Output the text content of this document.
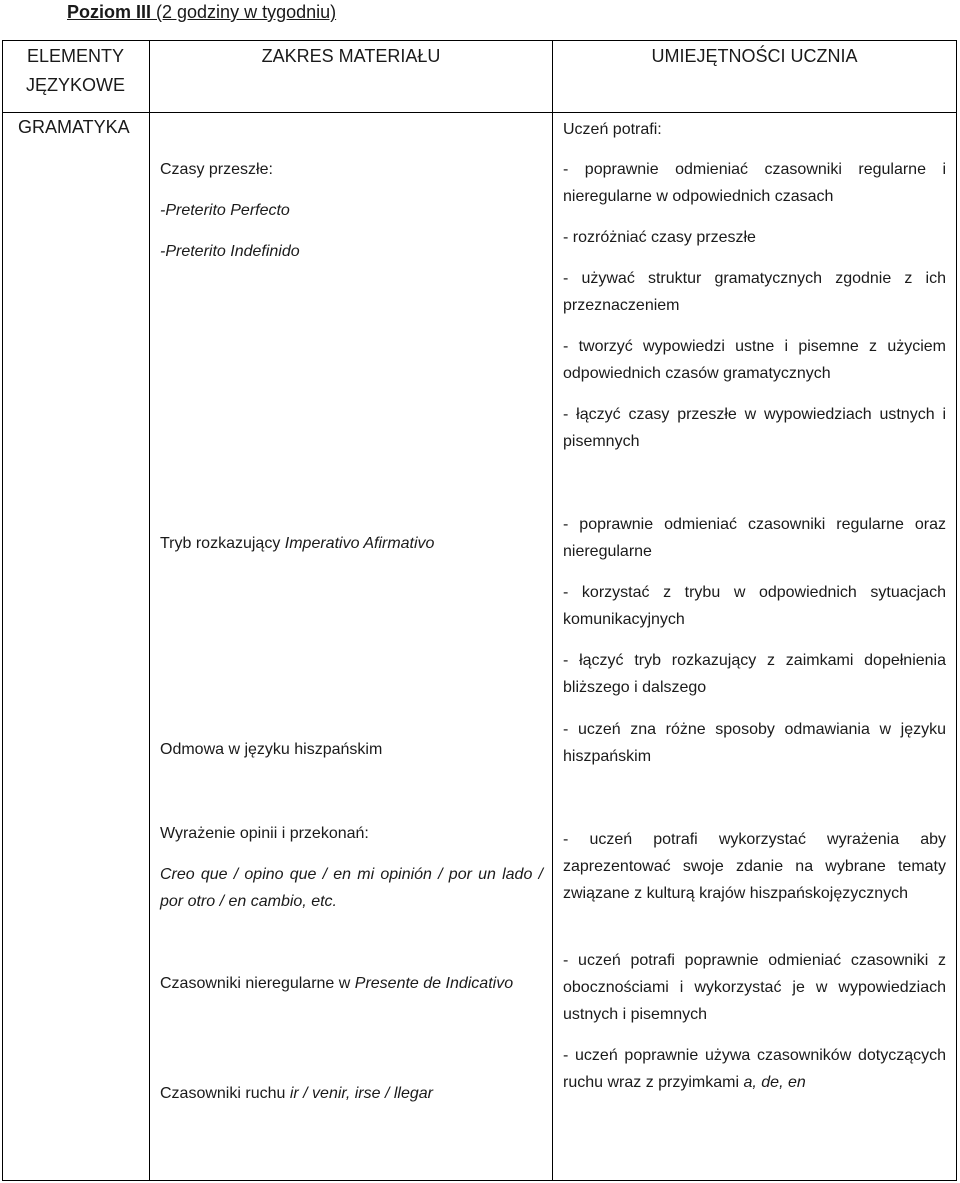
Poziom III (2 godziny w tygodniu)
ELEMENTY
JĘZYKOWE
ZAKRES MATERIAŁU	UMIEJĘTNOŚCI UCZNIA
GRAMATYKA
Czasy przeszłe:
-Preterito Perfecto
-Preterito Indefinido
Tryb rozkazujący Imperativo Afirmativo
Odmowa w języku hiszpańskim
Wyrażenie opinii i przekonań:
Creo que / opino que / en mi opinión / por un lado / por otro / en cambio, etc.
Czasowniki nieregularne w Presente de Indicativo
Czasowniki ruchu ir / venir, irse / llegar
Uczeń potrafi:
- poprawnie odmieniać czasowniki regularne i nieregularne w odpowiednich czasach
- rozróżniać czasy przeszłe
- używać struktur gramatycznych zgodnie z ich przeznaczeniem
- tworzyć wypowiedzi ustne i pisemne z użyciem odpowiednich czasów gramatycznych
- łączyć czasy przeszłe w wypowiedziach ustnych i pisemnych
- poprawnie odmieniać czasowniki regularne oraz nieregularne
- korzystać z trybu w odpowiednich sytuacjach komunikacyjnych
- łączyć tryb rozkazujący z zaimkami dopełnienia bliższego i dalszego
- uczeń zna różne sposoby odmawiania w języku hiszpańskim
- uczeń potrafi wykorzystać wyrażenia aby zaprezentować swoje zdanie na wybrane tematy związane z kulturą krajów hiszpańskojęzycznych
- uczeń potrafi poprawnie odmieniać czasowniki z obocznościami i wykorzystać je w wypowiedziach ustnych i pisemnych
- uczeń poprawnie używa czasowników dotyczących ruchu wraz z przyimkami a, de, en
